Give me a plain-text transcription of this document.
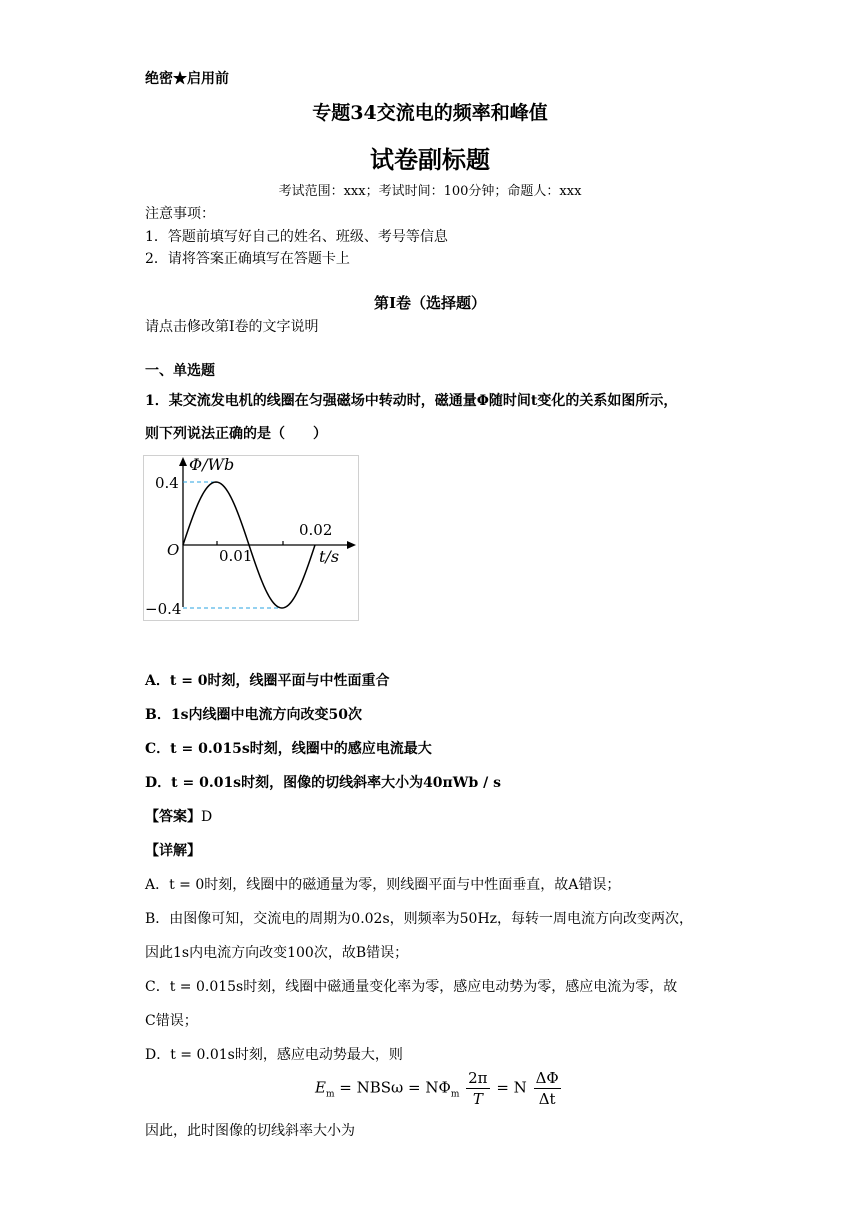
绝密★启用前
专题34交流电的频率和峰值
试卷副标题
考试范围：xxx；考试时间：100分钟；命题人：xxx
注意事项：
1．答题前填写好自己的姓名、班级、考号等信息
2．请将答案正确填写在答题卡上
第I卷（选择题）
请点击修改第I卷的文字说明
一、单选题
1．某交流发电机的线圈在匀强磁场中转动时，磁通量Φ随时间t变化的关系如图所示，
则下列说法正确的是（　　）
Φ/Wb
t/s
O
0.4
−0.4
0.01
0.02
A．t = 0时刻，线圈平面与中性面重合
B．1s内线圈中电流方向改变50次
C．t = 0.015s时刻，线圈中的感应电流最大
D．t = 0.01s时刻，图像的切线斜率大小为40πWb / s
【答案】D
【详解】
A．t = 0时刻，线圈中的磁通量为零，则线圈平面与中性面垂直，故A错误；
B．由图像可知，交流电的周期为0.02s，则频率为50Hz，每转一周电流方向改变两次，
因此1s内电流方向改变100次，故B错误；
C．t = 0.015s时刻，线圈中磁通量变化率为零，感应电动势为零，感应电流为零，故
C错误；
D．t = 0.01s时刻，感应电动势最大，则
$E_m = NBS\omega = N\Phi_m \frac{2\pi}{T} = N \frac{\Delta\Phi}{\Delta t}$
因此，此时图像的切线斜率大小为
